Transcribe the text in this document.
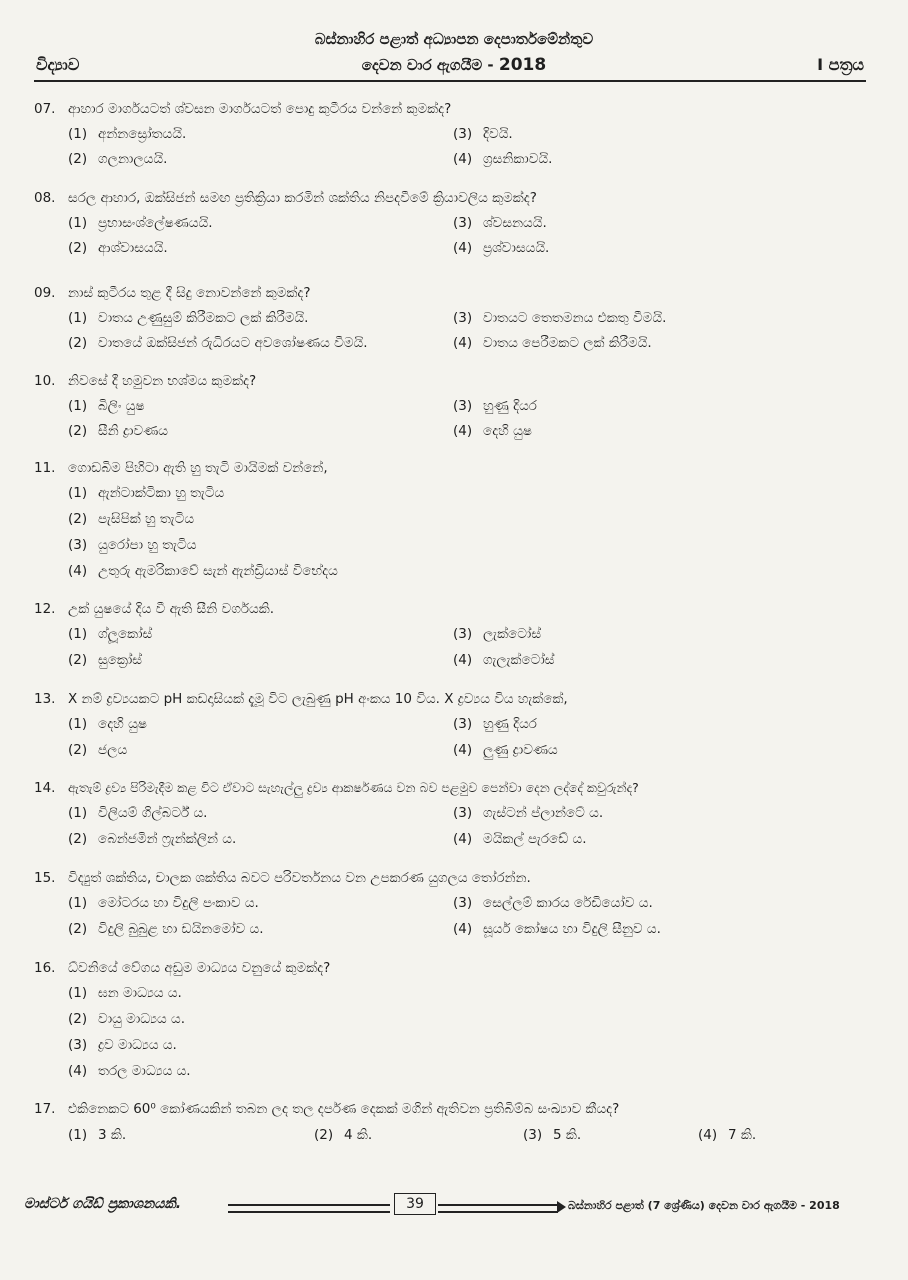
බස්නාහිර පළාත් අධ්‍යාපන දෙපාර්තමේන්තුව
විද්‍යාව	දෙවන වාර ඇගයීම - 2018	I පත්‍රය
07. ආහාර මාර්ගයටත් ශ්වසන මාර්ගයටත් පොදු කුටීරය වන්නේ කුමක්ද?
(1) අන්නස්‍රෝතයයි.	(3) දිවයි.
(2) ගලනාලයයි.	(4) ග්‍රසනිකාවයි.
08. සරල ආහාර, ඔක්සිජන් සමඟ ප්‍රතික්‍රියා කරමින් ශක්තිය නිපදවීමේ ක්‍රියාවලිය කුමක්ද?
(1) ප්‍රභාසංශ්ලේෂණයයි.	(3) ශ්වසනයයි.
(2) ආශ්වාසයයි.	(4) ප්‍රශ්වාසයයි.
09. නාස් කුටීරය තුළ දී සිදු නොවන්නේ කුමක්ද?
(1) වාතය උණුසුම් කිරීමකට ලක් කිරීමයි.	(3) වාතයට තෙතමනය එකතු වීමයි.
(2) වාතයේ ඔක්සිජන් රුධිරයට අවශෝෂණය වීමයි.	(4) වාතය පෙරීමකට ලක් කිරීමයි.
10. නිවසේ දී හමුවන භශ්මය කුමක්ද?
(1) බිලිං යුෂ	(3) හුණු දියර
(2) සීනි ද්‍රාවණය	(4) දෙහි යුෂ
11. ගොඩබිම පිහිටා ඇති හු තැටි මායිමක් වන්නේ,
(1) ඇන්ටාක්ටිකා හු තැටිය
(2) පැසිපික් හු තැටිය
(3) යුරෝපා හු තැටිය
(4) උතුරු ඇමරිකාවේ සැන් ඇන්ඩ්‍රියාස් විභේදය
12. උක් යුෂයේ දිය වී ඇති සීනි වර්ගයකි.
(1) ග්ලූකෝස්	(3) ලැක්ටෝස්
(2) සුක්‍රෝස්	(4) ගැලැක්ටෝස්
13. X නම් ද්‍රව්‍යයකට pH කඩදාසියක් දැමූ විට ලැබුණු pH අංකය 10 විය. X ද්‍රව්‍යය විය හැක්කේ,
(1) දෙහි යුෂ	(3) හුණු දියර
(2) ජලය	(4) ලුණු ද්‍රාවණය
14.	ඇතැම් ද්‍රව්‍ය පිරිමැදීම කළ විට ඒවාට සැහැල්ලු ද්‍රව්‍ය ආකර්ෂණය වන බව පළමුව පෙන්වා දෙන ලද්දේ කවුරුන්ද?
(1) විලියම් ගිල්බර්ට් ය.	(3) ගැස්ටන් ප්ලාන්ටේ ය.
(2) බෙන්ජමින් ෆ්‍රැන්ක්ලින් ය.	(4) මයිකල් පැරඩේ ය.
15. විද්‍යුත් ශක්තිය, චාලක ශක්තිය බවට පරිවර්තනය වන උපකරණ යුගලය තෝරන්න.
(1) මෝටරය හා විදුලි පංකාව ය.	(3) සෙල්ලම් කාරය රේඩියෝව ය.
(2) විදුලි බුබුළ හා ඩයිනමෝව ය.	(4) සූර්ය කෝෂය හා විදුලි සීනුව ය.
16. ධ්වනියේ වේගය අඩුම මාධ්‍යය වනුයේ කුමක්ද?
(1) ඝන මාධ්‍යය ය.
(2) වායු මාධ්‍යය ය.
(3) ද්‍රව මාධ්‍යය ය.
(4) තරල මාධ්‍යය ය.
17. එකිනෙකට 60⁰ කෝණයකින් තබන ලද තල දර්පණ දෙකක් මගින් ඇතිවන ප්‍රතිබිම්බ සංඛ්‍යාව කීයද?
(1) 3 කි.	(2) 4 කි.	(3) 5 කි.	(4) 7 කි.
මාස්ටර් ගයිඩ් ප්‍රකාශනයකි.	39	බස්නාහිර පළාත් (7 ශ්‍රේණිය) දෙවන වාර ඇගයීම - 2018
